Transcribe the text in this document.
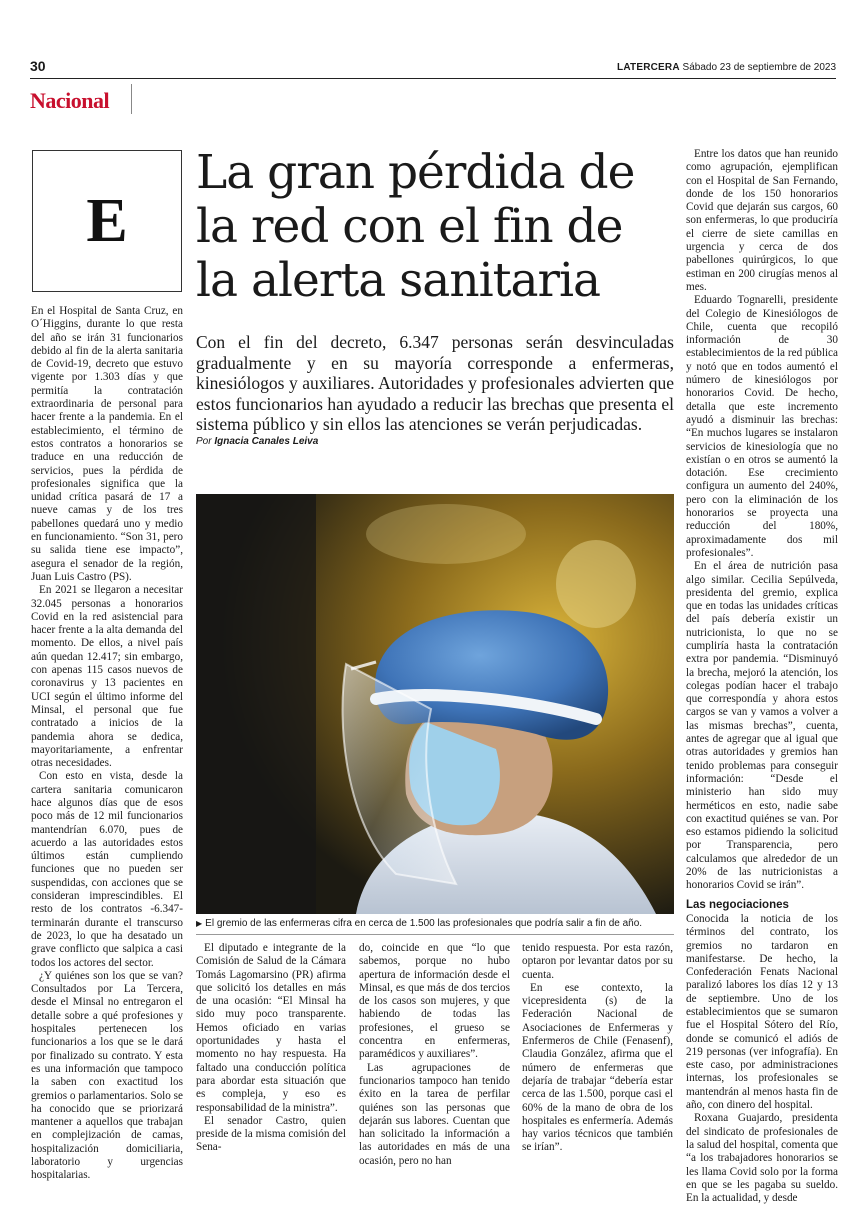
30	LATERCERA Sábado 23 de septiembre de 2023
Nacional
E
La gran pérdida de la red con el fin de la alerta sanitaria

Con el fin del decreto, 6.347 personas serán desvinculadas gradualmente y en su mayoría corresponde a enfermeras, kinesiólogos y auxiliares. Autoridades y profesionales advierten que estos funcionarios han ayudado a reducir las brechas que presenta el sistema público y sin ellos las atenciones se verán perjudicadas.

Por Ignacia Canales Leiva

En el Hospital de Santa Cruz, en O´Higgins, durante lo que resta del año se irán 31 funcionarios debido al fin de la alerta sanitaria de Covid-19, decreto que estuvo vigente por 1.303 días y que permitía la contratación extraordinaria de personal para hacer frente a la pandemia. En el establecimiento, el término de estos contratos a honorarios se traduce en una reducción de servicios, pues la pérdida de profesionales significa que la unidad crítica pasará de 17 a nueve camas y de los tres pabellones quedará uno y medio en funcionamiento. “Son 31, pero su salida tiene ese impacto”, asegura el senador de la región, Juan Luis Castro (PS).

En 2021 se llegaron a necesitar 32.045 personas a honorarios Covid en la red asistencial para hacer frente a la alta demanda del momento. De ellos, a nivel país aún quedan 12.417; sin embargo, con apenas 115 casos nuevos de coronavirus y 13 pacientes en UCI según el último informe del Minsal, el personal que fue contratado a inicios de la pandemia ahora se dedica, mayoritariamente, a enfrentar otras necesidades.

Con esto en vista, desde la cartera sanitaria comunicaron hace algunos días que de esos poco más de 12 mil funcionarios mantendrían 6.070, pues de acuerdo a las autoridades estos últimos están cumpliendo funciones que no pueden ser suspendidas, con acciones que se consideran imprescindibles. El resto de los contratos -6.347- terminarán durante el transcurso de 2023, lo que ha desatado un grave conflicto que salpica a casi todos los actores del sector.

¿Y quiénes son los que se van? Consultados por La Tercera, desde el Minsal no entregaron el detalle sobre a qué profesiones y hospitales pertenecen los funcionarios a los que se le dará por finalizado su contrato. Y esta es una información que tampoco la saben con exactitud los gremios o parlamentarios. Solo se ha conocido que se priorizará mantener a aquellos que trabajan en complejización de camas, hospitalización domiciliaria, laboratorio y urgencias hospitalarias.

▶ El gremio de las enfermeras cifra en cerca de 1.500 las profesionales que podría salir a fin de año.

El diputado e integrante de la Comisión de Salud de la Cámara Tomás Lagomarsino (PR) afirma que solicitó los detalles en más de una ocasión: “El Minsal ha sido muy poco transparente. Hemos oficiado en varias oportunidades y hasta el momento no hay respuesta. Ha faltado una conducción política para abordar esta situación que es compleja, y eso es responsabilidad de la ministra”.

El senador Castro, quien preside de la misma comisión del Sena-

do, coincide en que “lo que sabemos, porque no hubo apertura de información desde el Minsal, es que más de dos tercios de los casos son mujeres, y que habiendo de todas las profesiones, el grueso se concentra en enfermeras, paramédicos y auxiliares”.

Las agrupaciones de funcionarios tampoco han tenido éxito en la tarea de perfilar quiénes son las personas que dejarán sus labores. Cuentan que han solicitado la información a las autoridades en más de una ocasión, pero no han

tenido respuesta. Por esta razón, optaron por levantar datos por su cuenta.

En ese contexto, la vicepresidenta (s) de la Federación Nacional de Asociaciones de Enfermeras y Enfermeros de Chile (Fenasenf), Claudia González, afirma que el número de enfermeras que dejaría de trabajar “debería estar cerca de las 1.500, porque casi el 60% de la mano de obra de los hospitales es enfermería. Además hay varios técnicos que también se irían”.

Entre los datos que han reunido como agrupación, ejemplifican con el Hospital de San Fernando, donde de los 150 honorarios Covid que dejarán sus cargos, 60 son enfermeras, lo que produciría el cierre de siete camillas en urgencia y cerca de dos pabellones quirúrgicos, lo que estiman en 200 cirugías menos al mes.

Eduardo Tognarelli, presidente del Colegio de Kinesiólogos de Chile, cuenta que recopiló información de 30 establecimientos de la red pública y notó que en todos aumentó el número de kinesiólogos por honorarios Covid. De hecho, detalla que este incremento ayudó a disminuir las brechas: “En muchos lugares se instalaron servicios de kinesiología que no existían o en otros se aumentó la dotación. Ese crecimiento configura un aumento del 240%, pero con la eliminación de los honorarios se proyecta una reducción del 180%, aproximadamente dos mil profesionales”.

En el área de nutrición pasa algo similar. Cecilia Sepúlveda, presidenta del gremio, explica que en todas las unidades críticas del país debería existir un nutricionista, lo que no se cumpliría hasta la contratación extra por pandemia. “Disminuyó la brecha, mejoró la atención, los colegas podían hacer el trabajo que correspondía y ahora estos cargos se van y vamos a volver a las mismas brechas”, cuenta, antes de agregar que al igual que otras autoridades y gremios han tenido problemas para conseguir información: “Desde el ministerio han sido muy herméticos en esto, nadie sabe con exactitud quiénes se van. Por eso estamos pidiendo la solicitud por Transparencia, pero calculamos que alrededor de un 20% de las nutricionistas a honorarios Covid se irán”.

Las negociaciones

Conocida la noticia de los términos del contrato, los gremios no tardaron en manifestarse. De hecho, la Confederación Fenats Nacional paralizó labores los días 12 y 13 de septiembre. Uno de los establecimientos que se sumaron fue el Hospital Sótero del Río, donde se comunicó el adiós de 219 personas (ver infografía). En este caso, por administraciones internas, los profesionales se mantendrán al menos hasta fin de año, con dinero del hospital.

Roxana Guajardo, presidenta del sindicato de profesionales de la salud del hospital, comenta que “a los trabajadores honorarios se les llama Covid solo por la forma en que se les pagaba su sueldo. En la actualidad, y desde
